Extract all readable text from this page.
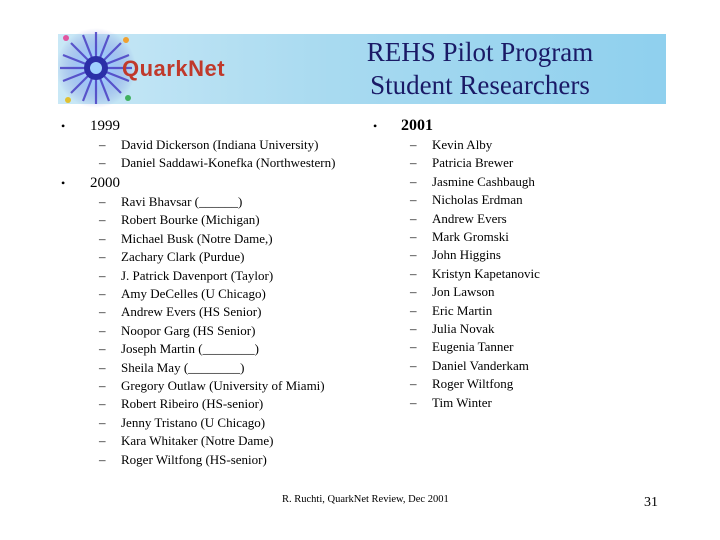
QuarkNet
REHS Pilot Program
Student Researchers
• 1999
– David Dickerson (Indiana University)
– Daniel Saddawi-Konefka (Northwestern)
• 2000
– Ravi Bhavsar (______)
– Robert Bourke (Michigan)
– Michael Busk (Notre Dame,)
– Zachary Clark (Purdue)
– J. Patrick Davenport (Taylor)
– Amy DeCelles (U Chicago)
– Andrew Evers (HS Senior)
– Noopor Garg (HS Senior)
– Joseph Martin (________)
– Sheila May (________)
– Gregory Outlaw (University of Miami)
– Robert Ribeiro (HS-senior)
– Jenny Tristano (U Chicago)
– Kara Whitaker (Notre Dame)
– Roger Wiltfong (HS-senior)
• 2001
– Kevin Alby
– Patricia Brewer
– Jasmine Cashbaugh
– Nicholas Erdman
– Andrew Evers
– Mark Gromski
– John Higgins
– Kristyn Kapetanovic
– Jon Lawson
– Eric Martin
– Julia Novak
– Eugenia Tanner
– Daniel Vanderkam
– Roger Wiltfong
– Tim Winter
R. Ruchti, QuarkNet Review, Dec 2001	31
